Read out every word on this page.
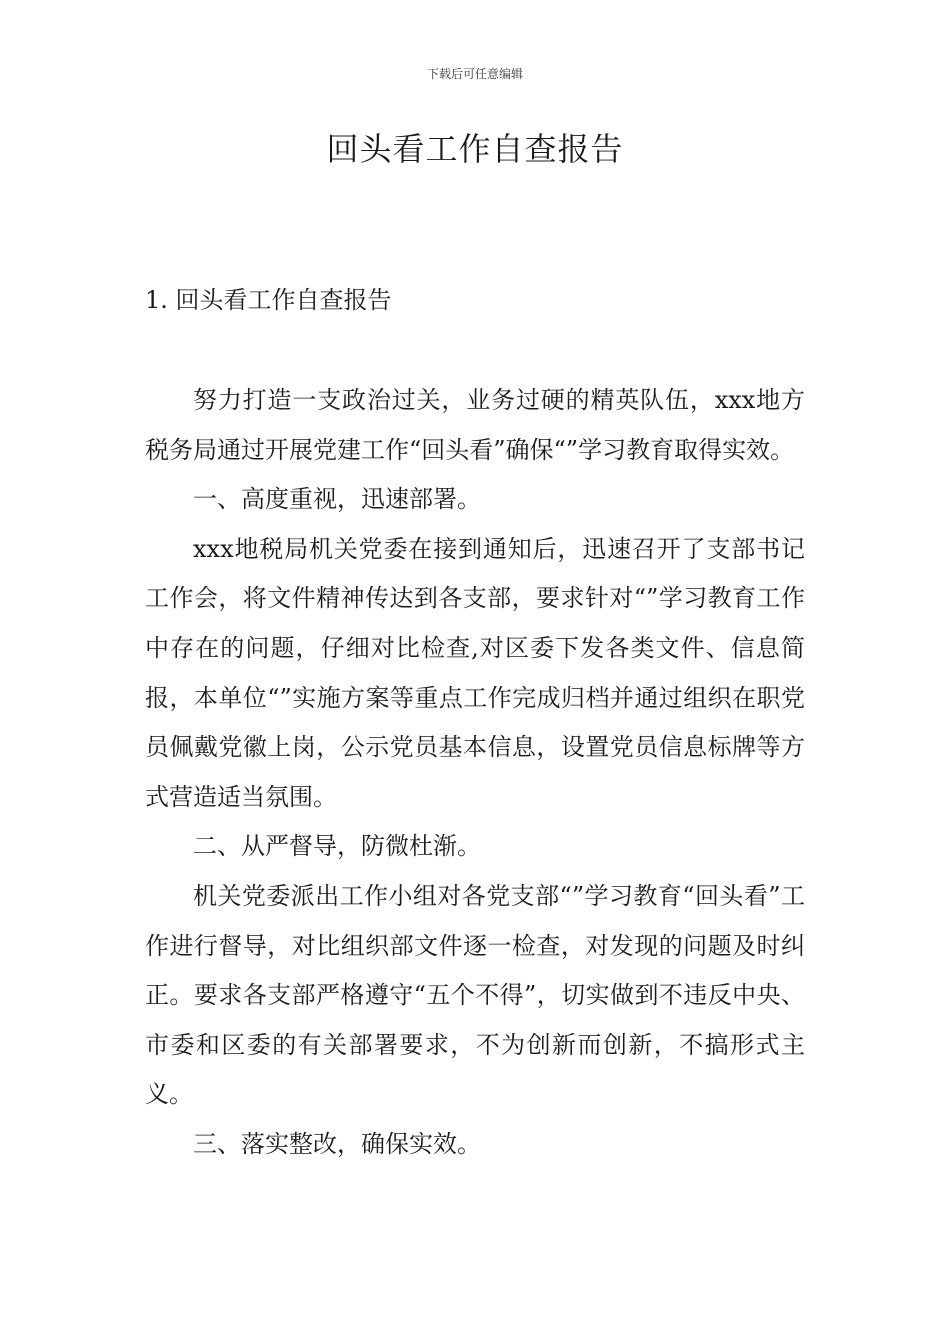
下载后可任意编辑
回头看工作自查报告
1. 回头看工作自查报告

努力打造一支政治过关，业务过硬的精英队伍，xxx地方税务局通过开展党建工作“回头看”确保“”学习教育取得实效。

一、高度重视，迅速部署。

xxx地税局机关党委在接到通知后，迅速召开了支部书记工作会，将文件精神传达到各支部，要求针对“”学习教育工作中存在的问题，仔细对比检查,对区委下发各类文件、信息简报，本单位“”实施方案等重点工作完成归档并通过组织在职党员佩戴党徽上岗，公示党员基本信息，设置党员信息标牌等方式营造适当氛围。

二、从严督导，防微杜渐。

机关党委派出工作小组对各党支部“”学习教育“回头看”工作进行督导，对比组织部文件逐一检查，对发现的问题及时纠正。要求各支部严格遵守“五个不得”，切实做到不违反中央、市委和区委的有关部署要求，不为创新而创新，不搞形式主义。

三、落实整改，确保实效。
